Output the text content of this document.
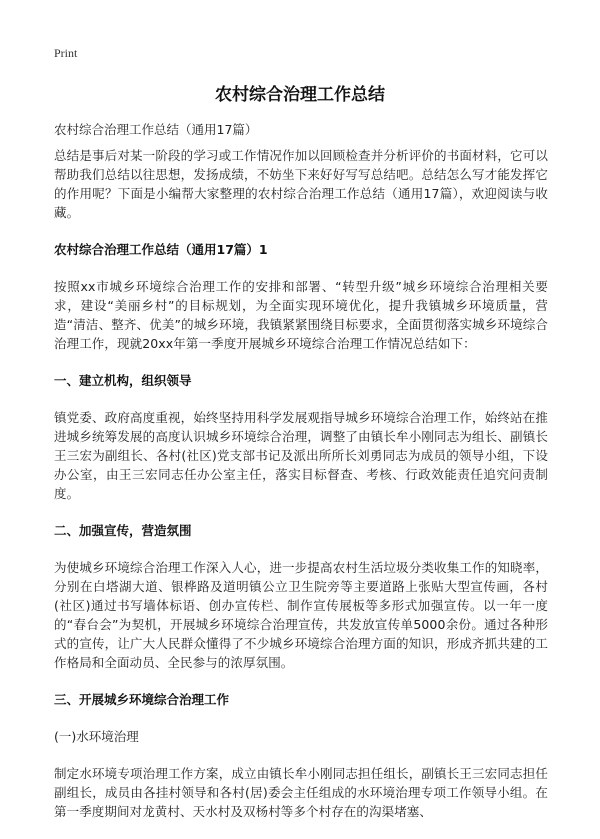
Print
农村综合治理工作总结

农村综合治理工作总结（通用17篇）

总结是事后对某一阶段的学习或工作情况作加以回顾检查并分析评价的书面材料，它可以帮助我们总结以往思想，发扬成绩，不妨坐下来好好写写总结吧。总结怎么写才能发挥它的作用呢？下面是小编帮大家整理的农村综合治理工作总结（通用17篇），欢迎阅读与收藏。

农村综合治理工作总结（通用17篇）1

按照xx市城乡环境综合治理工作的安排和部署、“转型升级”城乡环境综合治理相关要求，建设“美丽乡村”的目标规划，为全面实现环境优化，提升我镇城乡环境质量，营造“清洁、整齐、优美”的城乡环境，我镇紧紧围绕目标要求，全面贯彻落实城乡环境综合治理工作，现就20xx年第一季度开展城乡环境综合治理工作情况总结如下：

一、建立机构，组织领导

镇党委、政府高度重视，始终坚持用科学发展观指导城乡环境综合治理工作，始终站在推进城乡统筹发展的高度认识城乡环境综合治理，调整了由镇长牟小刚同志为组长、副镇长王三宏为副组长、各村(社区)党支部书记及派出所所长刘勇同志为成员的领导小组，下设办公室，由王三宏同志任办公室主任，落实目标督查、考核、行政效能责任追究问责制度。

二、加强宣传，营造氛围

为使城乡环境综合治理工作深入人心，进一步提高农村生活垃圾分类收集工作的知晓率，分别在白塔湖大道、银桦路及道明镇公立卫生院旁等主要道路上张贴大型宣传画，各村(社区)通过书写墙体标语、创办宣传栏、制作宣传展板等多形式加强宣传。以一年一度的“春台会”为契机，开展城乡环境综合治理宣传，共发放宣传单5000余份。通过各种形式的宣传，让广大人民群众懂得了不少城乡环境综合治理方面的知识，形成齐抓共建的工作格局和全面动员、全民参与的浓厚氛围。

三、开展城乡环境综合治理工作

(一)水环境治理

制定水环境专项治理工作方案，成立由镇长牟小刚同志担任组长，副镇长王三宏同志担任副组长，成员由各挂村领导和各村(居)委会主任组成的水环境治理专项工作领导小组。在第一季度期间对龙黄村、天水村及双杨村等多个村存在的沟渠堵塞、
